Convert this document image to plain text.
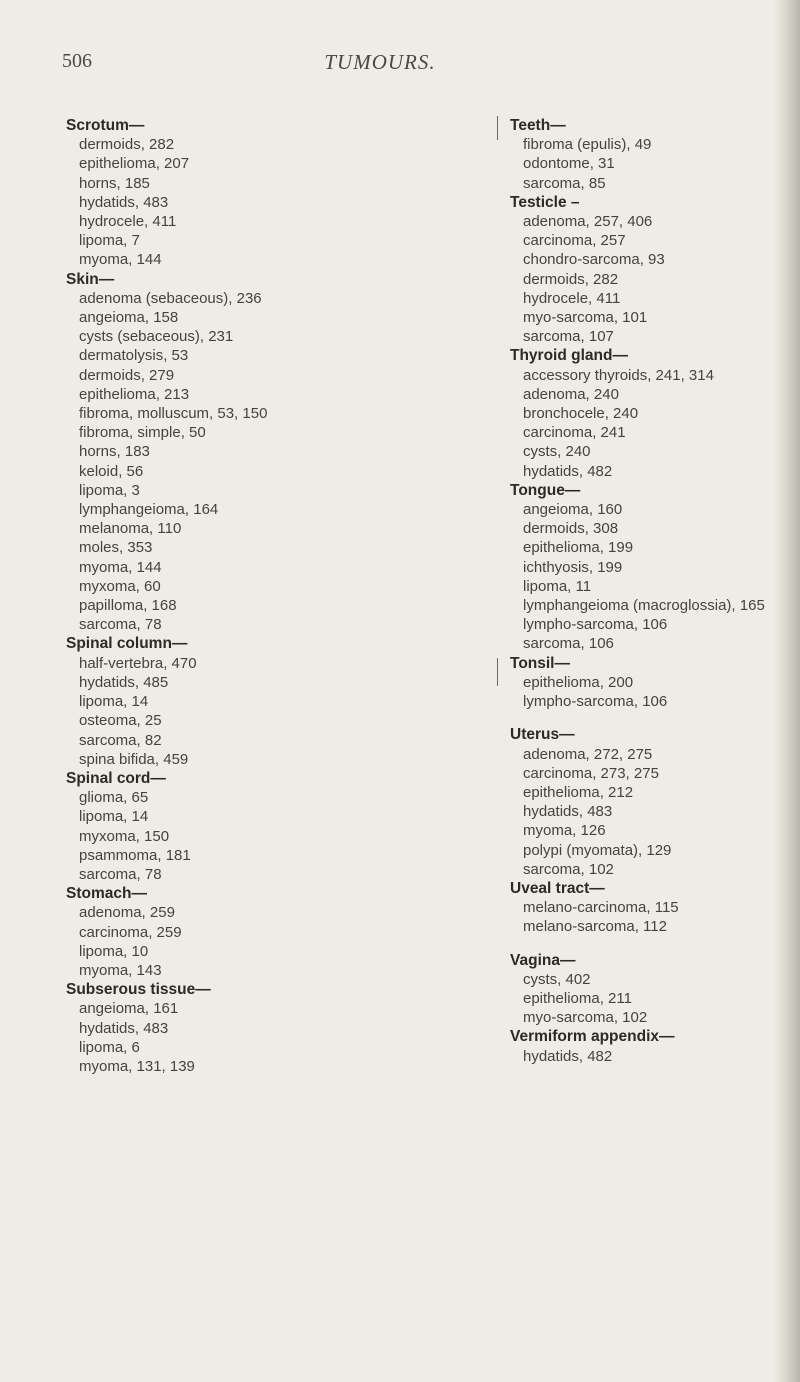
506	TUMOURS.
Scrotum—
dermoids, 282
epithelioma, 207
horns, 185
hydatids, 483
hydrocele, 411
lipoma, 7
myoma, 144
Skin—
adenoma (sebaceous), 236
angeioma, 158
cysts (sebaceous), 231
dermatolysis, 53
dermoids, 279
epithelioma, 213
fibroma, molluscum, 53, 150
fibroma, simple, 50
horns, 183
keloid, 56
lipoma, 3
lymphangeioma, 164
melanoma, 110
moles, 353
myoma, 144
myxoma, 60
papilloma, 168
sarcoma, 78
Spinal column—
half-vertebra, 470
hydatids, 485
lipoma, 14
osteoma, 25
sarcoma, 82
spina bifida, 459
Spinal cord—
glioma, 65
lipoma, 14
myxoma, 150
psammoma, 181
sarcoma, 78
Stomach—
adenoma, 259
carcinoma, 259
lipoma, 10
myoma, 143
Subserous tissue—
angeioma, 161
hydatids, 483
lipoma, 6
myoma, 131, 139
Teeth—
fibroma (epulis), 49
odontome, 31
sarcoma, 85
Testicle –
adenoma, 257, 406
carcinoma, 257
chondro-sarcoma, 93
dermoids, 282
hydrocele, 411
myo-sarcoma, 101
sarcoma, 107
Thyroid gland—
accessory thyroids, 241, 314
adenoma, 240
bronchocele, 240
carcinoma, 241
cysts, 240
hydatids, 482
Tongue—
angeioma, 160
dermoids, 308
epithelioma, 199
ichthyosis, 199
lipoma, 11
lymphangeioma (macroglossia), 165
lympho-sarcoma, 106
sarcoma, 106
Tonsil—
epithelioma, 200
lympho-sarcoma, 106
Uterus—
adenoma, 272, 275
carcinoma, 273, 275
epithelioma, 212
hydatids, 483
myoma, 126
polypi (myomata), 129
sarcoma, 102
Uveal tract—
melano-carcinoma, 115
melano-sarcoma, 112
Vagina—
cysts, 402
epithelioma, 211
myo-sarcoma, 102
Vermiform appendix—
hydatids, 482
